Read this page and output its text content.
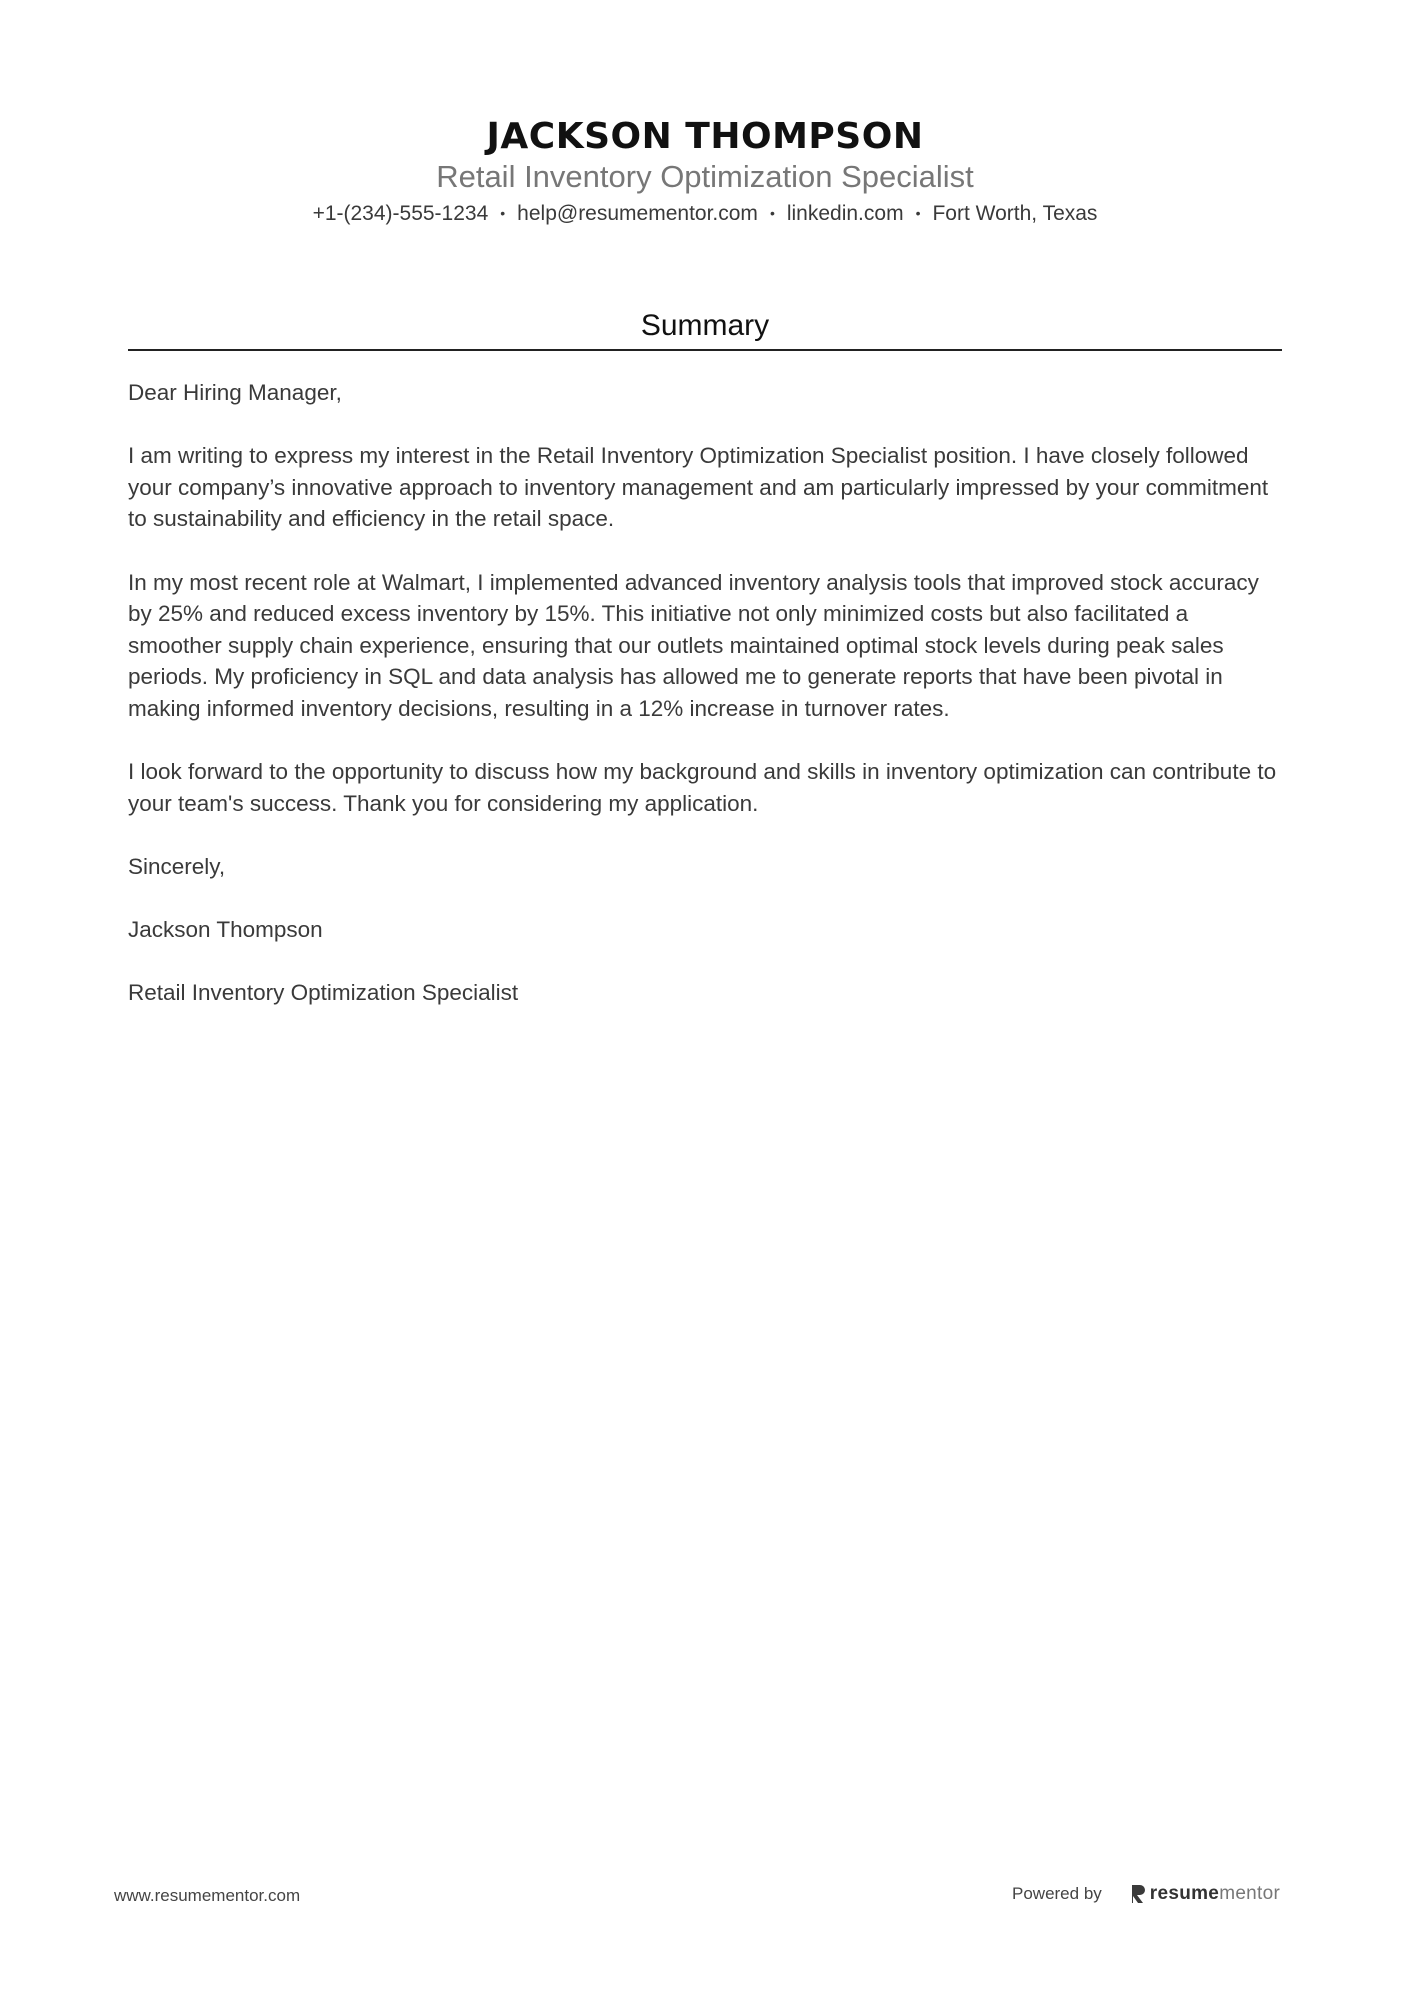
JACKSON THOMPSON
Retail Inventory Optimization Specialist
+1-(234)-555-1234 • help@resumementor.com • linkedin.com • Fort Worth, Texas
Summary

Dear Hiring Manager,

I am writing to express my interest in the Retail Inventory Optimization Specialist position. I have closely followed your company’s innovative approach to inventory management and am particularly impressed by your commitment to sustainability and efficiency in the retail space.

In my most recent role at Walmart, I implemented advanced inventory analysis tools that improved stock accuracy by 25% and reduced excess inventory by 15%. This initiative not only minimized costs but also facilitated a smoother supply chain experience, ensuring that our outlets maintained optimal stock levels during peak sales periods. My proficiency in SQL and data analysis has allowed me to generate reports that have been pivotal in making informed inventory decisions, resulting in a 12% increase in turnover rates.

I look forward to the opportunity to discuss how my background and skills in inventory optimization can contribute to your team's success. Thank you for considering my application.

Sincerely,

Jackson Thompson

Retail Inventory Optimization Specialist

www.resumementor.com	Powered by	resume mentor
